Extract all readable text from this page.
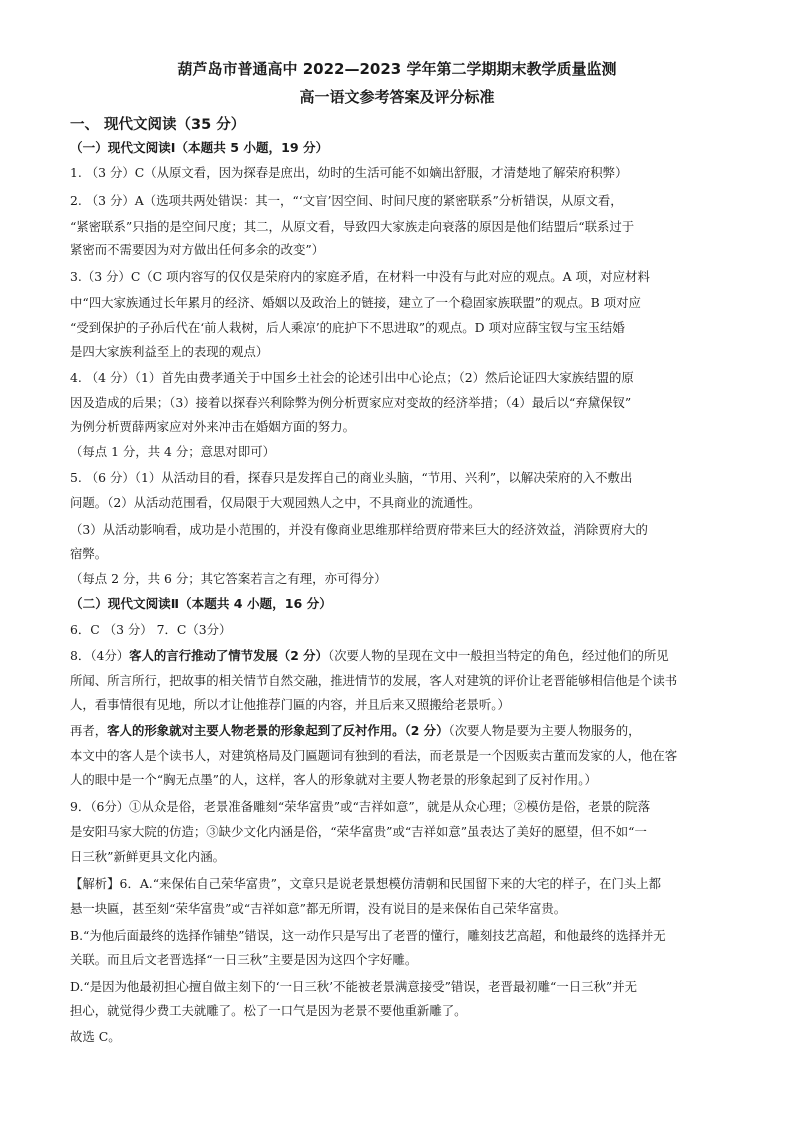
葫芦岛市普通高中 2022—2023 学年第二学期期末教学质量监测
高一语文参考答案及评分标准
一、 现代文阅读（35 分）
（一）现代文阅读Ⅰ（本题共 5 小题，19 分）
1. （3 分）C（从原文看，因为探春是庶出，幼时的生活可能不如嫡出舒服，才清楚地了解荣府积弊）
2. （3 分）A（选项共两处错误：其一，“‘文盲’因空间、时间尺度的紧密联系”分析错误，从原文看，
“紧密联系”只指的是空间尺度；其二，从原文看，导致四大家族走向衰落的原因是他们结盟后“联系过于
紧密而不需要因为对方做出任何多余的改变”）
3.（3 分）C（C 项内容写的仅仅是荣府内的家庭矛盾，在材料一中没有与此对应的观点。A 项，对应材料
中“四大家族通过长年累月的经济、婚姻以及政治上的链接，建立了一个稳固家族联盟”的观点。B 项对应
“受到保护的子孙后代在‘前人栽树，后人乘凉’的庇护下不思进取”的观点。D 项对应薛宝钗与宝玉结婚
是四大家族利益至上的表现的观点）
4. （4 分）（1）首先由费孝通关于中国乡土社会的论述引出中心论点；（2）然后论证四大家族结盟的原
因及造成的后果；（3）接着以探春兴利除弊为例分析贾家应对变故的经济举措；（4）最后以“弃黛保钗”
为例分析贾薛两家应对外来冲击在婚姻方面的努力。
（每点 1 分，共 4 分；意思对即可）
5. （6 分）（1）从活动目的看，探春只是发挥自己的商业头脑，“节用、兴利”，以解决荣府的入不敷出
问题。（2）从活动范围看，仅局限于大观园熟人之中，不具商业的流通性。
（3）从活动影响看，成功是小范围的，并没有像商业思维那样给贾府带来巨大的经济效益，消除贾府大的
宿弊。
（每点 2 分，共 6 分；其它答案若言之有理，亦可得分）
（二）现代文阅读Ⅱ（本题共 4 小题，16 分）
6．C （3 分） 7．C（3分）
8．（4分）客人的言行推动了情节发展（2 分）（次要人物的呈现在文中一般担当特定的角色，经过他们的所见
所闻、所言所行，把故事的相关情节自然交融，推进情节的发展，客人对建筑的评价让老晋能够相信他是个读书
人，看事情很有见地，所以才让他推荐门匾的内容，并且后来又照搬给老景听。）
再者，客人的形象就对主要人物老景的形象起到了反衬作用。（2 分）（次要人物是要为主要人物服务的，
本文中的客人是个读书人，对建筑格局及门匾题词有独到的看法，而老景是一个因贩卖古董而发家的人，他在客
人的眼中是一个“胸无点墨”的人，这样，客人的形象就对主要人物老景的形象起到了反衬作用。）
9．（6分）①从众是俗，老景准备雕刻“荣华富贵”或“吉祥如意”，就是从众心理；②模仿是俗，老景的院落
是安阳马家大院的仿造；③缺少文化内涵是俗，“荣华富贵”或“吉祥如意”虽表达了美好的愿望，但不如“一
日三秋”新鲜更具文化内涵。
【解析】6．A.“来保佑自己荣华富贵”，文章只是说老景想模仿清朝和民国留下来的大宅的样子，在门头上都
悬一块匾，甚至刻“荣华富贵”或“吉祥如意”都无所谓，没有说目的是来保佑自己荣华富贵。
B.“为他后面最终的选择作铺垫”错误，这一动作只是写出了老晋的懂行，雕刻技艺高超，和他最终的选择并无
关联。而且后文老晋选择“一日三秋”主要是因为这四个字好雕。
D.“是因为他最初担心擅自做主刻下的‘一日三秋’不能被老景满意接受”错误，老晋最初雕“一日三秋”并无
担心，就觉得少费工夫就雕了。松了一口气是因为老景不要他重新雕了。
故选 C。
